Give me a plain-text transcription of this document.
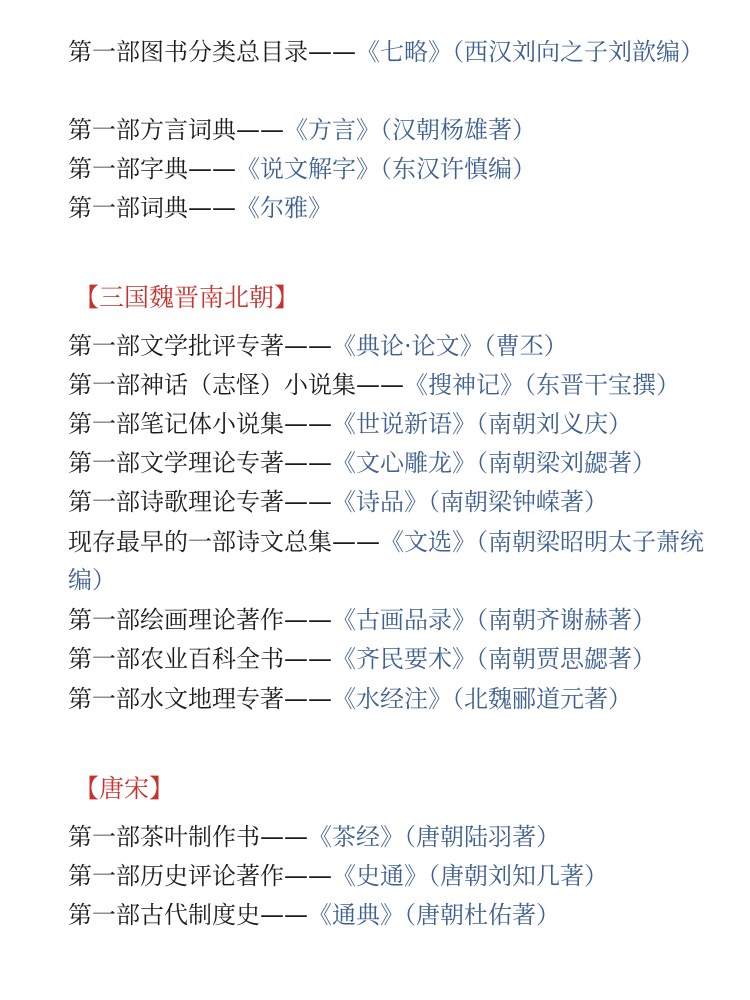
第一部图书分类总目录——《七略》（西汉刘向之子刘歆编）
第一部方言词典——《方言》（汉朝杨雄著）
第一部字典——《说文解字》（东汉许慎编）
第一部词典——《尔雅》
【三国魏晋南北朝】
第一部文学批评专著——《典论·论文》（曹丕）
第一部神话（志怪）小说集——《搜神记》（东晋干宝撰）
第一部笔记体小说集——《世说新语》（南朝刘义庆）
第一部文学理论专著——《文心雕龙》（南朝梁刘勰著）
第一部诗歌理论专著——《诗品》（南朝梁钟嵘著）
现存最早的一部诗文总集——《文选》（南朝梁昭明太子萧统编）
第一部绘画理论著作——《古画品录》（南朝齐谢赫著）
第一部农业百科全书——《齐民要术》（南朝贾思勰著）
第一部水文地理专著——《水经注》（北魏郦道元著）
【唐宋】
第一部茶叶制作书——《茶经》（唐朝陆羽著）
第一部历史评论著作——《史通》（唐朝刘知几著）
第一部古代制度史——《通典》（唐朝杜佑著）
